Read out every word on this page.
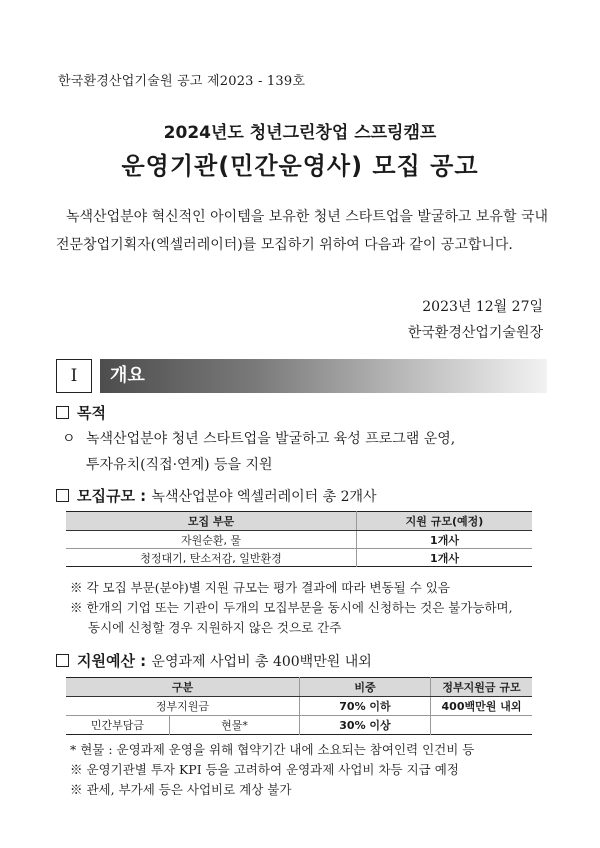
한국환경산업기술원 공고 제2023 - 139호
2024년도 청년그린창업 스프링캠프
운영기관(민간운영사) 모집 공고
녹색산업분야 혁신적인 아이템을 보유한 청년 스타트업을 발굴하고 보유할 국내 전문창업기획자(엑셀러레이터)를 모집하기 위하여 다음과 같이 공고합니다.
2023년 12월 27일
한국환경산업기술원장
I	개요
목적
ㅇ 녹색산업분야 청년 스타트업을 발굴하고 육성 프로그램 운영,
투자유치(직접·연계) 등을 지원
모집규모 : 녹색산업분야 엑셀러레이터 총 2개사
모집 부문	지원 규모(예정)
자원순환, 물	1개사
청정대기, 탄소저감, 일반환경	1개사
※ 각 모집 부문(분야)별 지원 규모는 평가 결과에 따라 변동될 수 있음
※ 한개의 기업 또는 기관이 두개의 모집부문을 동시에 신청하는 것은 불가능하며,
동시에 신청할 경우 지원하지 않은 것으로 간주
지원예산 : 운영과제 사업비 총 400백만원 내외
구분		비중	정부지원금 규모
정부지원금		70% 이하	400백만원 내외
민간부담금	현물*	30% 이상	
* 현물 : 운영과제 운영을 위해 협약기간 내에 소요되는 참여인력 인건비 등
※ 운영기관별 투자 KPI 등을 고려하여 운영과제 사업비 차등 지급 예정
※ 관세, 부가세 등은 사업비로 계상 불가
